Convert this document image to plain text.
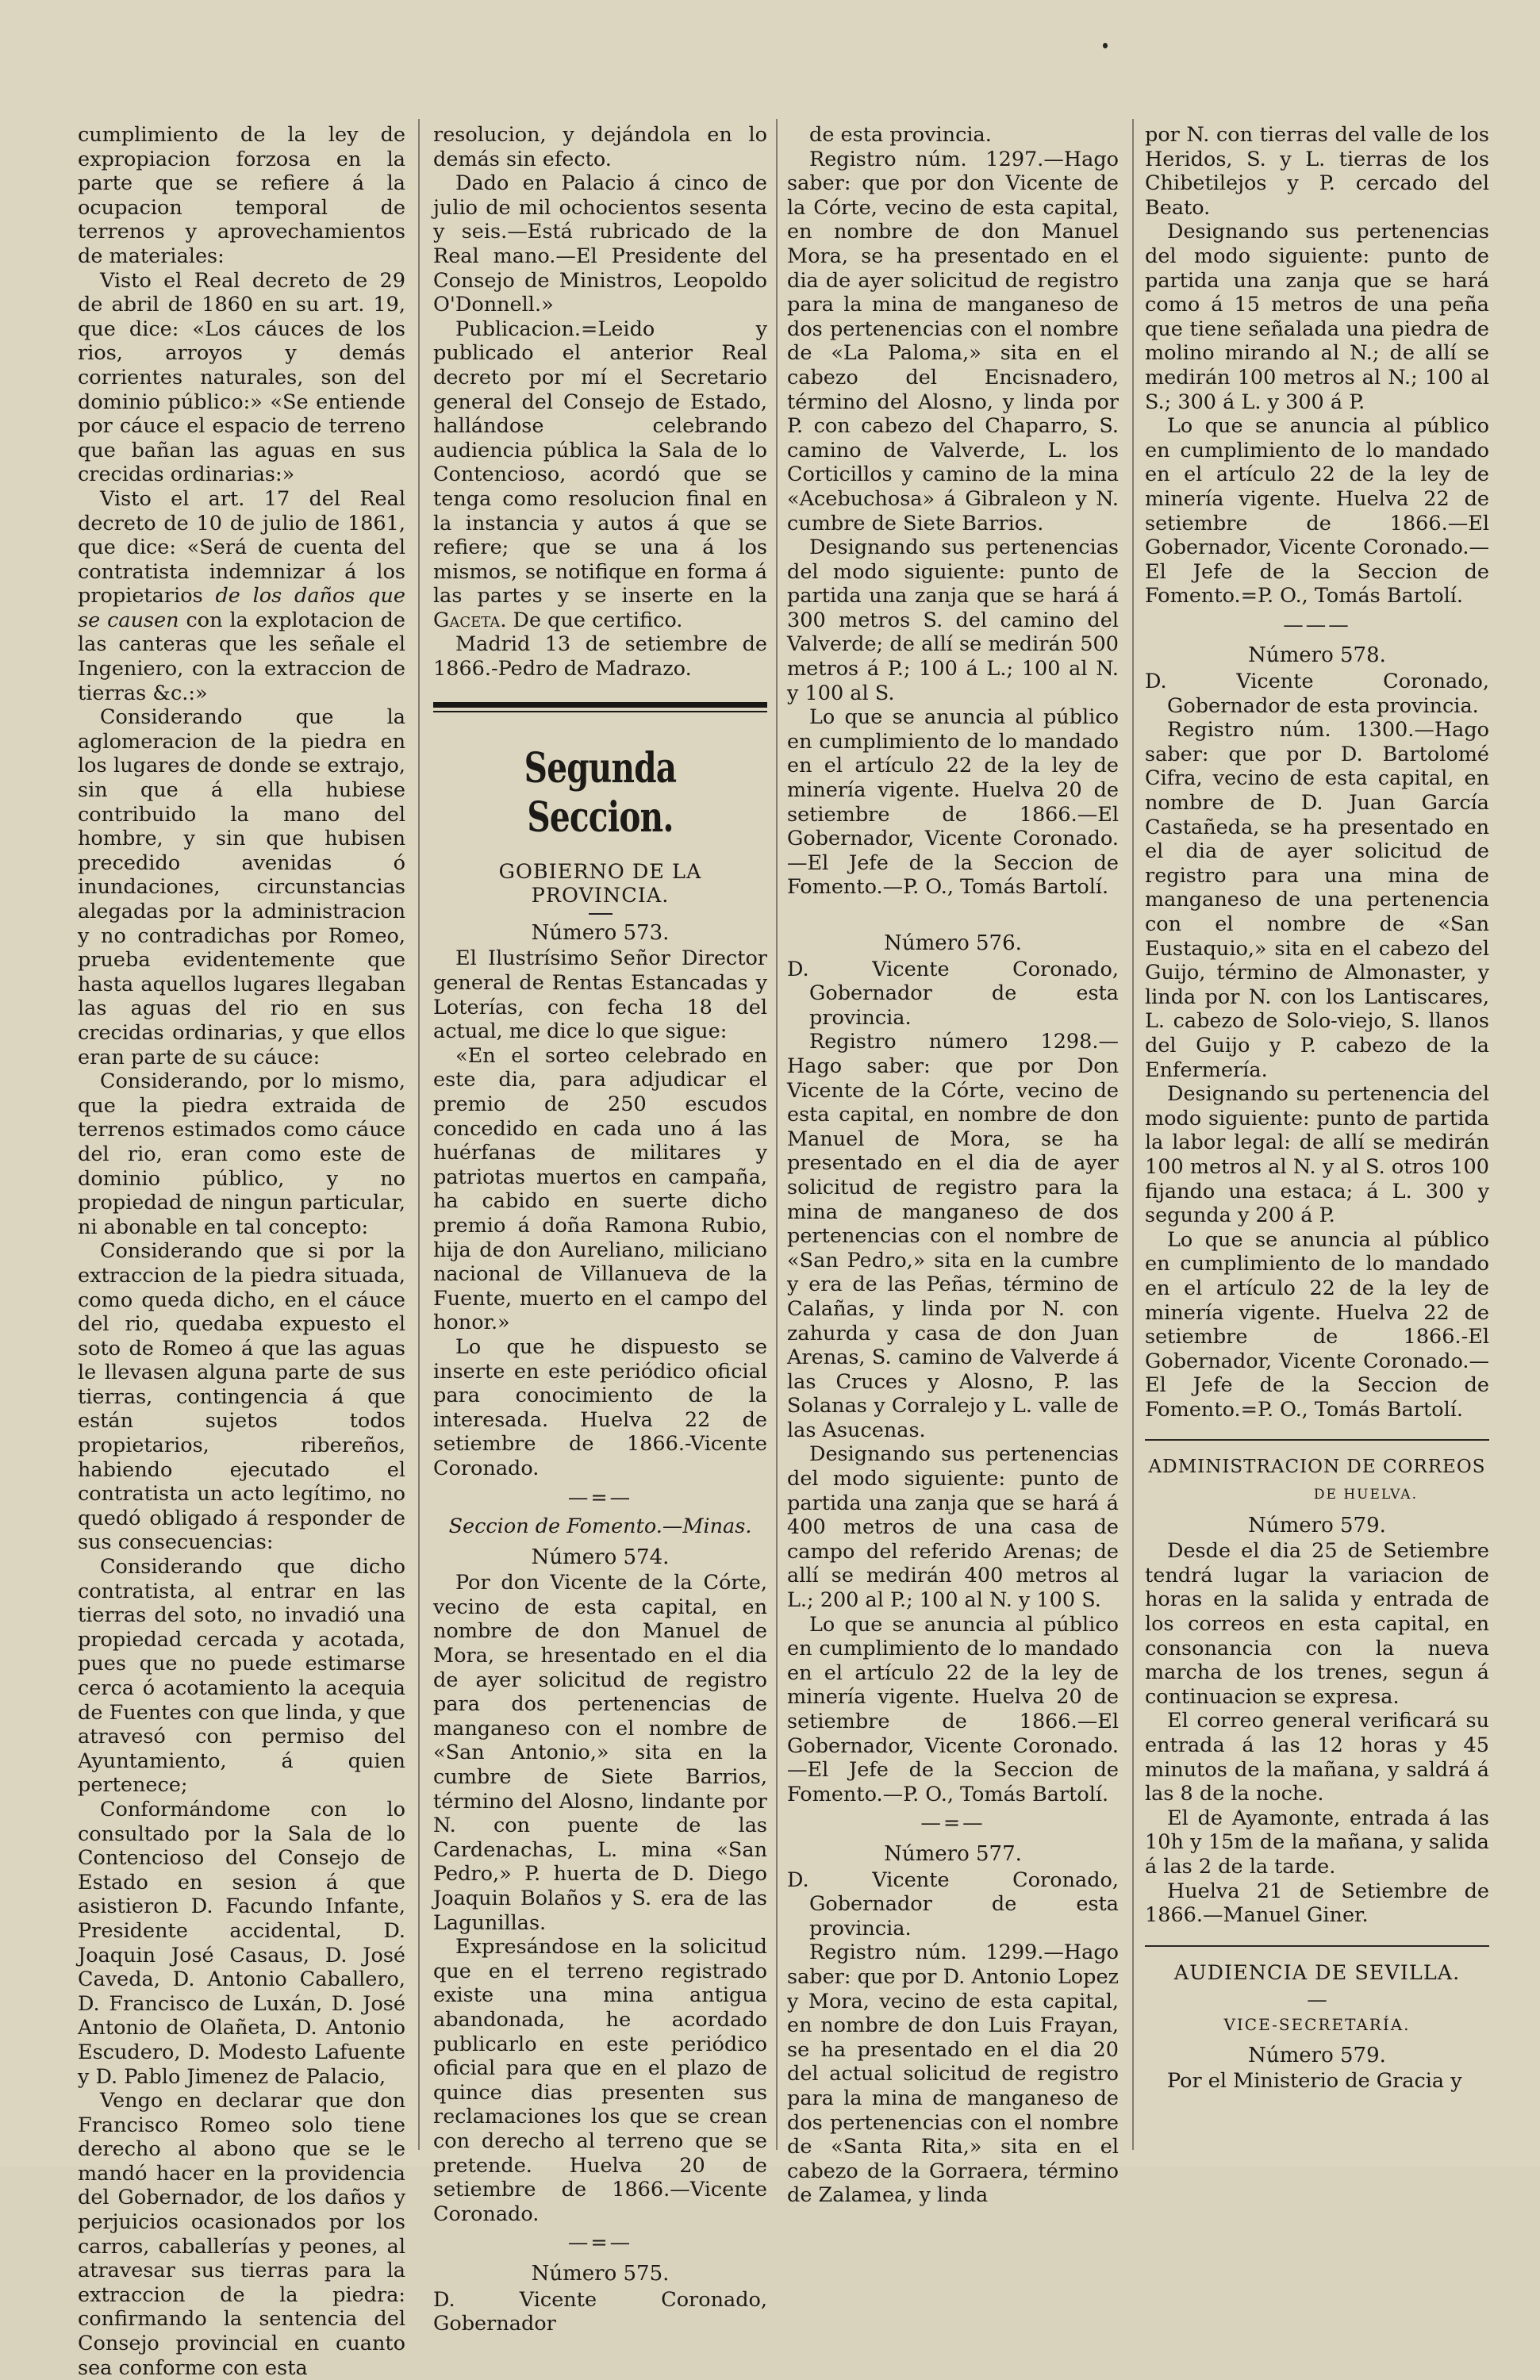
cumplimiento de la ley de expropiacion forzosa en la parte que se refiere á la ocupacion temporal de terrenos y aprovechamientos de materiales:

Visto el Real decreto de 29 de abril de 1860 en su art. 19, que dice: «Los cáuces de los rios, arroyos y demás corrientes naturales, son del dominio público:» «Se entiende por cáuce el espacio de terreno que bañan las aguas en sus crecidas ordinarias:»

Visto el art. 17 del Real decreto de 10 de julio de 1861, que dice: «Será de cuenta del contratista indemnizar á los propietarios de los daños que se causen con la explotacion de las canteras que les señale el Ingeniero, con la extraccion de tierras &c.:»

Considerando que la aglomeracion de la piedra en los lugares de donde se extrajo, sin que á ella hubiese contribuido la mano del hombre, y sin que hubisen precedido avenidas ó inundaciones, circunstancias alegadas por la administracion y no contradichas por Romeo, prueba evidentemente que hasta aquellos lugares llegaban las aguas del rio en sus crecidas ordinarias, y que ellos eran parte de su cáuce:

Considerando, por lo mismo, que la piedra extraida de terrenos estimados como cáuce del rio, eran como este de dominio público, y no propiedad de ningun particular, ni abonable en tal concepto:

Considerando que si por la extraccion de la piedra situada, como queda dicho, en el cáuce del rio, quedaba expuesto el soto de Romeo á que las aguas le llevasen alguna parte de sus tierras, contingencia á que están sujetos todos propietarios, ribereños, habiendo ejecutado el contratista un acto legítimo, no quedó obligado á responder de sus consecuencias:

Considerando que dicho contratista, al entrar en las tierras del soto, no invadió una propiedad cercada y acotada, pues que no puede estimarse cerca ó acotamiento la acequia de Fuentes con que linda, y que atravesó con permiso del Ayuntamiento, á quien pertenece;

Conformándome con lo consultado por la Sala de lo Contencioso del Consejo de Estado en sesion á que asistieron D. Facundo Infante, Presidente accidental, D. Joaquin José Casaus, D. José Caveda, D. Antonio Caballero, D. Francisco de Luxán, D. José Antonio de Olañeta, D. Antonio Escudero, D. Modesto Lafuente y D. Pablo Jimenez de Palacio,

Vengo en declarar que don Francisco Romeo solo tiene derecho al abono que se le mandó hacer en la providencia del Gobernador, de los daños y perjuicios ocasionados por los carros, caballerías y peones, al atravesar sus tierras para la extraccion de la piedra: confirmando la sentencia del Consejo provincial en cuanto sea conforme con esta

resolucion, y dejándola en lo demás sin efecto.

Dado en Palacio á cinco de julio de mil ochocientos sesenta y seis.—Está rubricado de la Real mano.—El Presidente del Consejo de Ministros, Leopoldo O'Donnell.»

Publicacion.=Leido y publicado el anterior Real decreto por mí el Secretario general del Consejo de Estado, hallándose celebrando audiencia pública la Sala de lo Contencioso, acordó que se tenga como resolucion final en la instancia y autos á que se refiere; que se una á los mismos, se notifique en forma á las partes y se inserte en la Gaceta. De que certifico.

Madrid 13 de setiembre de 1866.-Pedro de Madrazo.

Segunda Seccion.
GOBIERNO DE LA PROVINCIA.
Número 573.

El Ilustrísimo Señor Director general de Rentas Estancadas y Loterías, con fecha 18 del actual, me dice lo que sigue:

«En el sorteo celebrado en este dia, para adjudicar el premio de 250 escudos concedido en cada uno á las huérfanas de militares y patriotas muertos en campaña, ha cabido en suerte dicho premio á doña Ramona Rubio, hija de don Aureliano, miliciano nacional de Villanueva de la Fuente, muerto en el campo del honor.»

Lo que he dispuesto se inserte en este periódico oficial para conocimiento de la interesada. Huelva 22 de setiembre de 1866.-Vicente Coronado.

—=—
Seccion de Fomento.—Minas.
Número 574.

Por don Vicente de la Córte, vecino de esta capital, en nombre de don Manuel de Mora, se hresentado en el dia de ayer solicitud de registro para dos pertenencias de manganeso con el nombre de «San Antonio,» sita en la cumbre de Siete Barrios, término del Alosno, lindante por N. con puente de las Cardenachas, L. mina «San Pedro,» P. huerta de D. Diego Joaquin Bolaños y S. era de las Lagunillas.

Expresándose en la solicitud que en el terreno registrado existe una mina antigua abandonada, he acordado publicarlo en este periódico oficial para que en el plazo de quince dias presenten sus reclamaciones los que se crean con derecho al terreno que se pretende. Huelva 20 de setiembre de 1866.—Vicente Coronado.

—=—
Número 575.

D. Vicente Coronado, Gobernador

de esta provincia.

Registro núm. 1297.—Hago saber: que por don Vicente de la Córte, vecino de esta capital, en nombre de don Manuel Mora, se ha presentado en el dia de ayer solicitud de registro para la mina de manganeso de dos pertenencias con el nombre de «La Paloma,» sita en el cabezo del Encisnadero, término del Alosno, y linda por P. con cabezo del Chaparro, S. camino de Valverde, L. los Corticillos y camino de la mina «Acebuchosa» á Gibraleon y N. cumbre de Siete Barrios.

Designando sus pertenencias del modo siguiente: punto de partida una zanja que se hará á 300 metros S. del camino del Valverde; de allí se medirán 500 metros á P.; 100 á L.; 100 al N. y 100 al S.

Lo que se anuncia al público en cumplimiento de lo mandado en el artículo 22 de la ley de minería vigente. Huelva 20 de setiembre de 1866.—El Gobernador, Vicente Coronado.—El Jefe de la Seccion de Fomento.—P. O., Tomás Bartolí.

Número 576.

D. Vicente Coronado, Gobernador de esta provincia.

Registro número 1298.—Hago saber: que por Don Vicente de la Córte, vecino de esta capital, en nombre de don Manuel de Mora, se ha presentado en el dia de ayer solicitud de registro para la mina de manganeso de dos pertenencias con el nombre de «San Pedro,» sita en la cumbre y era de las Peñas, término de Calañas, y linda por N. con zahurda y casa de don Juan Arenas, S. camino de Valverde á las Cruces y Alosno, P. las Solanas y Corralejo y L. valle de las Asucenas.

Designando sus pertenencias del modo siguiente: punto de partida una zanja que se hará á 400 metros de una casa de campo del referido Arenas; de allí se medirán 400 metros al L.; 200 al P.; 100 al N. y 100 S.

Lo que se anuncia al público en cumplimiento de lo mandado en el artículo 22 de la ley de minería vigente. Huelva 20 de setiembre de 1866.—El Gobernador, Vicente Coronado.—El Jefe de la Seccion de Fomento.—P. O., Tomás Bartolí.

—=—
Número 577.

D. Vicente Coronado, Gobernador de esta provincia.

Registro núm. 1299.—Hago saber: que por D. Antonio Lopez y Mora, vecino de esta capital, en nombre de don Luis Frayan, se ha presentado en el dia 20 del actual solicitud de registro para la mina de manganeso de dos pertenencias con el nombre de «Santa Rita,» sita en el cabezo de la Gorraera, término de Zalamea, y linda

por N. con tierras del valle de los Heridos, S. y L. tierras de los Chibetilejos y P. cercado del Beato.

Designando sus pertenencias del modo siguiente: punto de partida una zanja que se hará como á 15 metros de una peña que tiene señalada una piedra de molino mirando al N.; de allí se medirán 100 metros al N.; 100 al S.; 300 á L. y 300 á P.

Lo que se anuncia al público en cumplimiento de lo mandado en el artículo 22 de la ley de minería vigente. Huelva 22 de setiembre de 1866.—El Gobernador, Vicente Coronado.—El Jefe de la Seccion de Fomento.=P. O., Tomás Bartolí.

———
Número 578.

D. Vicente Coronado, Gobernador de esta provincia.

Registro núm. 1300.—Hago saber: que por D. Bartolomé Cifra, vecino de esta capital, en nombre de D. Juan García Castañeda, se ha presentado en el dia de ayer solicitud de registro para una mina de manganeso de una pertenencia con el nombre de «San Eustaquio,» sita en el cabezo del Guijo, término de Almonaster, y linda por N. con los Lantiscares, L. cabezo de Solo-viejo, S. llanos del Guijo y P. cabezo de la Enfermería.

Designando su pertenencia del modo siguiente: punto de partida la labor legal: de allí se medirán 100 metros al N. y al S. otros 100 fijando una estaca; á L. 300 y segunda y 200 á P.

Lo que se anuncia al público en cumplimiento de lo mandado en el artículo 22 de la ley de minería vigente. Huelva 22 de setiembre de 1866.-El Gobernador, Vicente Coronado.—El Jefe de la Seccion de Fomento.=P. O., Tomás Bartolí.

ADMINISTRACION DE CORREOS
DE HUELVA.
Número 579.

Desde el dia 25 de Setiembre tendrá lugar la variacion de horas en la salida y entrada de los correos en esta capital, en consonancia con la nueva marcha de los trenes, segun á continuacion se expresa.

El correo general verificará su entrada á las 12 horas y 45 minutos de la mañana, y saldrá á las 8 de la noche.

El de Ayamonte, entrada á las 10h y 15m de la mañana, y salida á las 2 de la tarde.

Huelva 21 de Setiembre de 1866.—Manuel Giner.

AUDIENCIA DE SEVILLA.
—
VICE-SECRETARÍA.
Número 579.

Por el Ministerio de Gracia y
